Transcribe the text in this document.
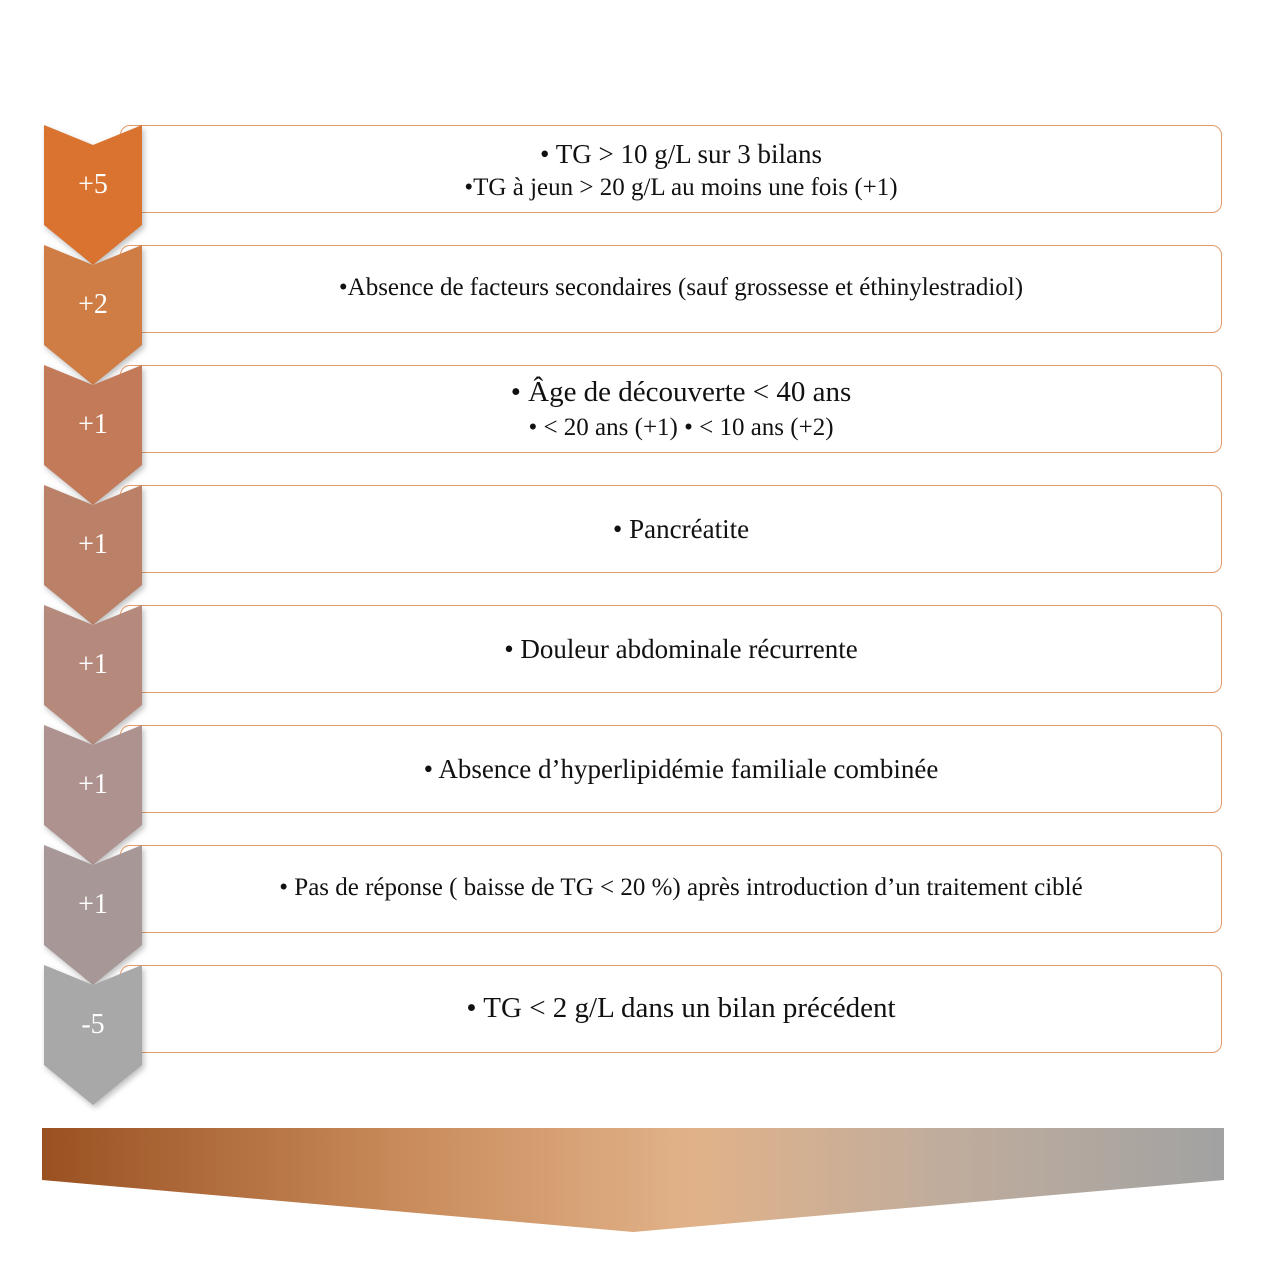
• TG > 10 g/L sur 3 bilans
•TG à jeun > 20 g/L au moins une fois (+1)
+5
•Absence de facteurs secondaires (sauf grossesse et éthinylestradiol)
+2
• Âge de découverte < 40 ans
• < 20 ans (+1) • < 10 ans (+2)
+1
• Pancréatite
+1
• Douleur abdominale récurrente
+1
• Absence d’hyperlipidémie familiale combinée
+1
• Pas de réponse ( baisse de TG < 20 %) après introduction d’un traitement ciblé
+1
• TG < 2 g/L dans un bilan précédent
-5
